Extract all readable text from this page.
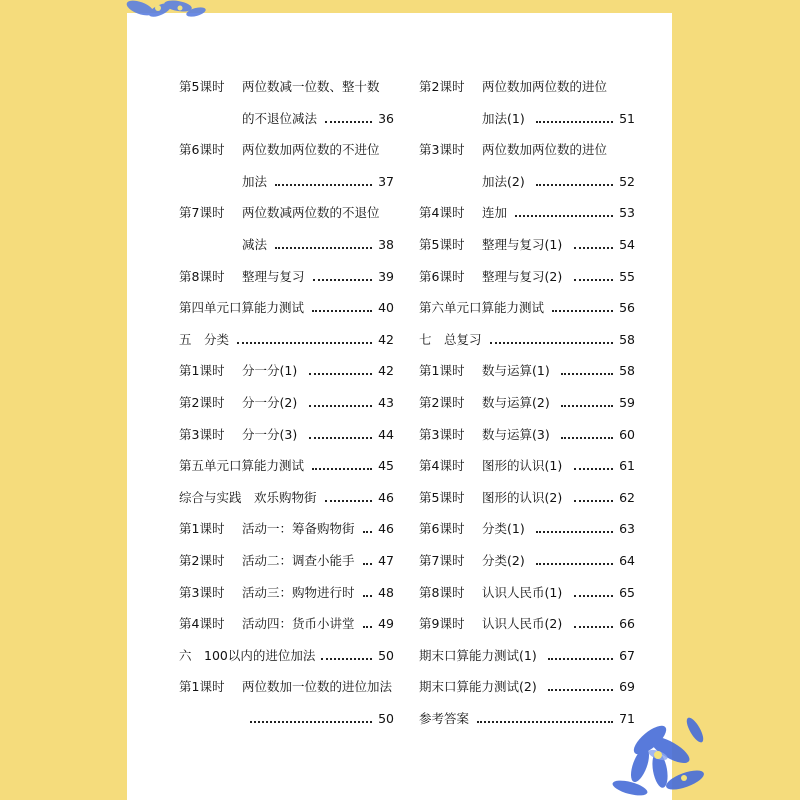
第5课时 两位数减一位数、整十数
的不退位减法	36
第6课时 两位数加两位数的不进位
加法	37
第7课时 两位数减两位数的不退位
减法	38
第8课时 整理与复习	39
第四单元口算能力测试	40
五　分类	42
第1课时 分一分(1)	42
第2课时 分一分(2)	43
第3课时 分一分(3)	44
第五单元口算能力测试	45
综合与实践　欢乐购物街	46
第1课时 活动一：筹备购物街 46
第2课时 活动二：调查小能手 47
第3课时 活动三：购物进行时 48
第4课时 活动四：货币小讲堂 49
六　100以内的进位加法	50
第1课时 两位数加一位数的进位加法
50
第2课时 两位数加两位数的进位
加法(1)	51
第3课时 两位数加两位数的进位
加法(2)	52
第4课时 连加	53
第5课时 整理与复习(1)	54
第6课时 整理与复习(2)	55
第六单元口算能力测试	56
七　总复习	58
第1课时 数与运算(1)	58
第2课时 数与运算(2)	59
第3课时 数与运算(3)	60
第4课时 图形的认识(1)	61
第5课时 图形的认识(2)	62
第6课时 分类(1)	63
第7课时 分类(2)	64
第8课时 认识人民币(1)	65
第9课时 认识人民币(2)	66
期末口算能力测试(1)	67
期末口算能力测试(2)	69
参考答案	71
